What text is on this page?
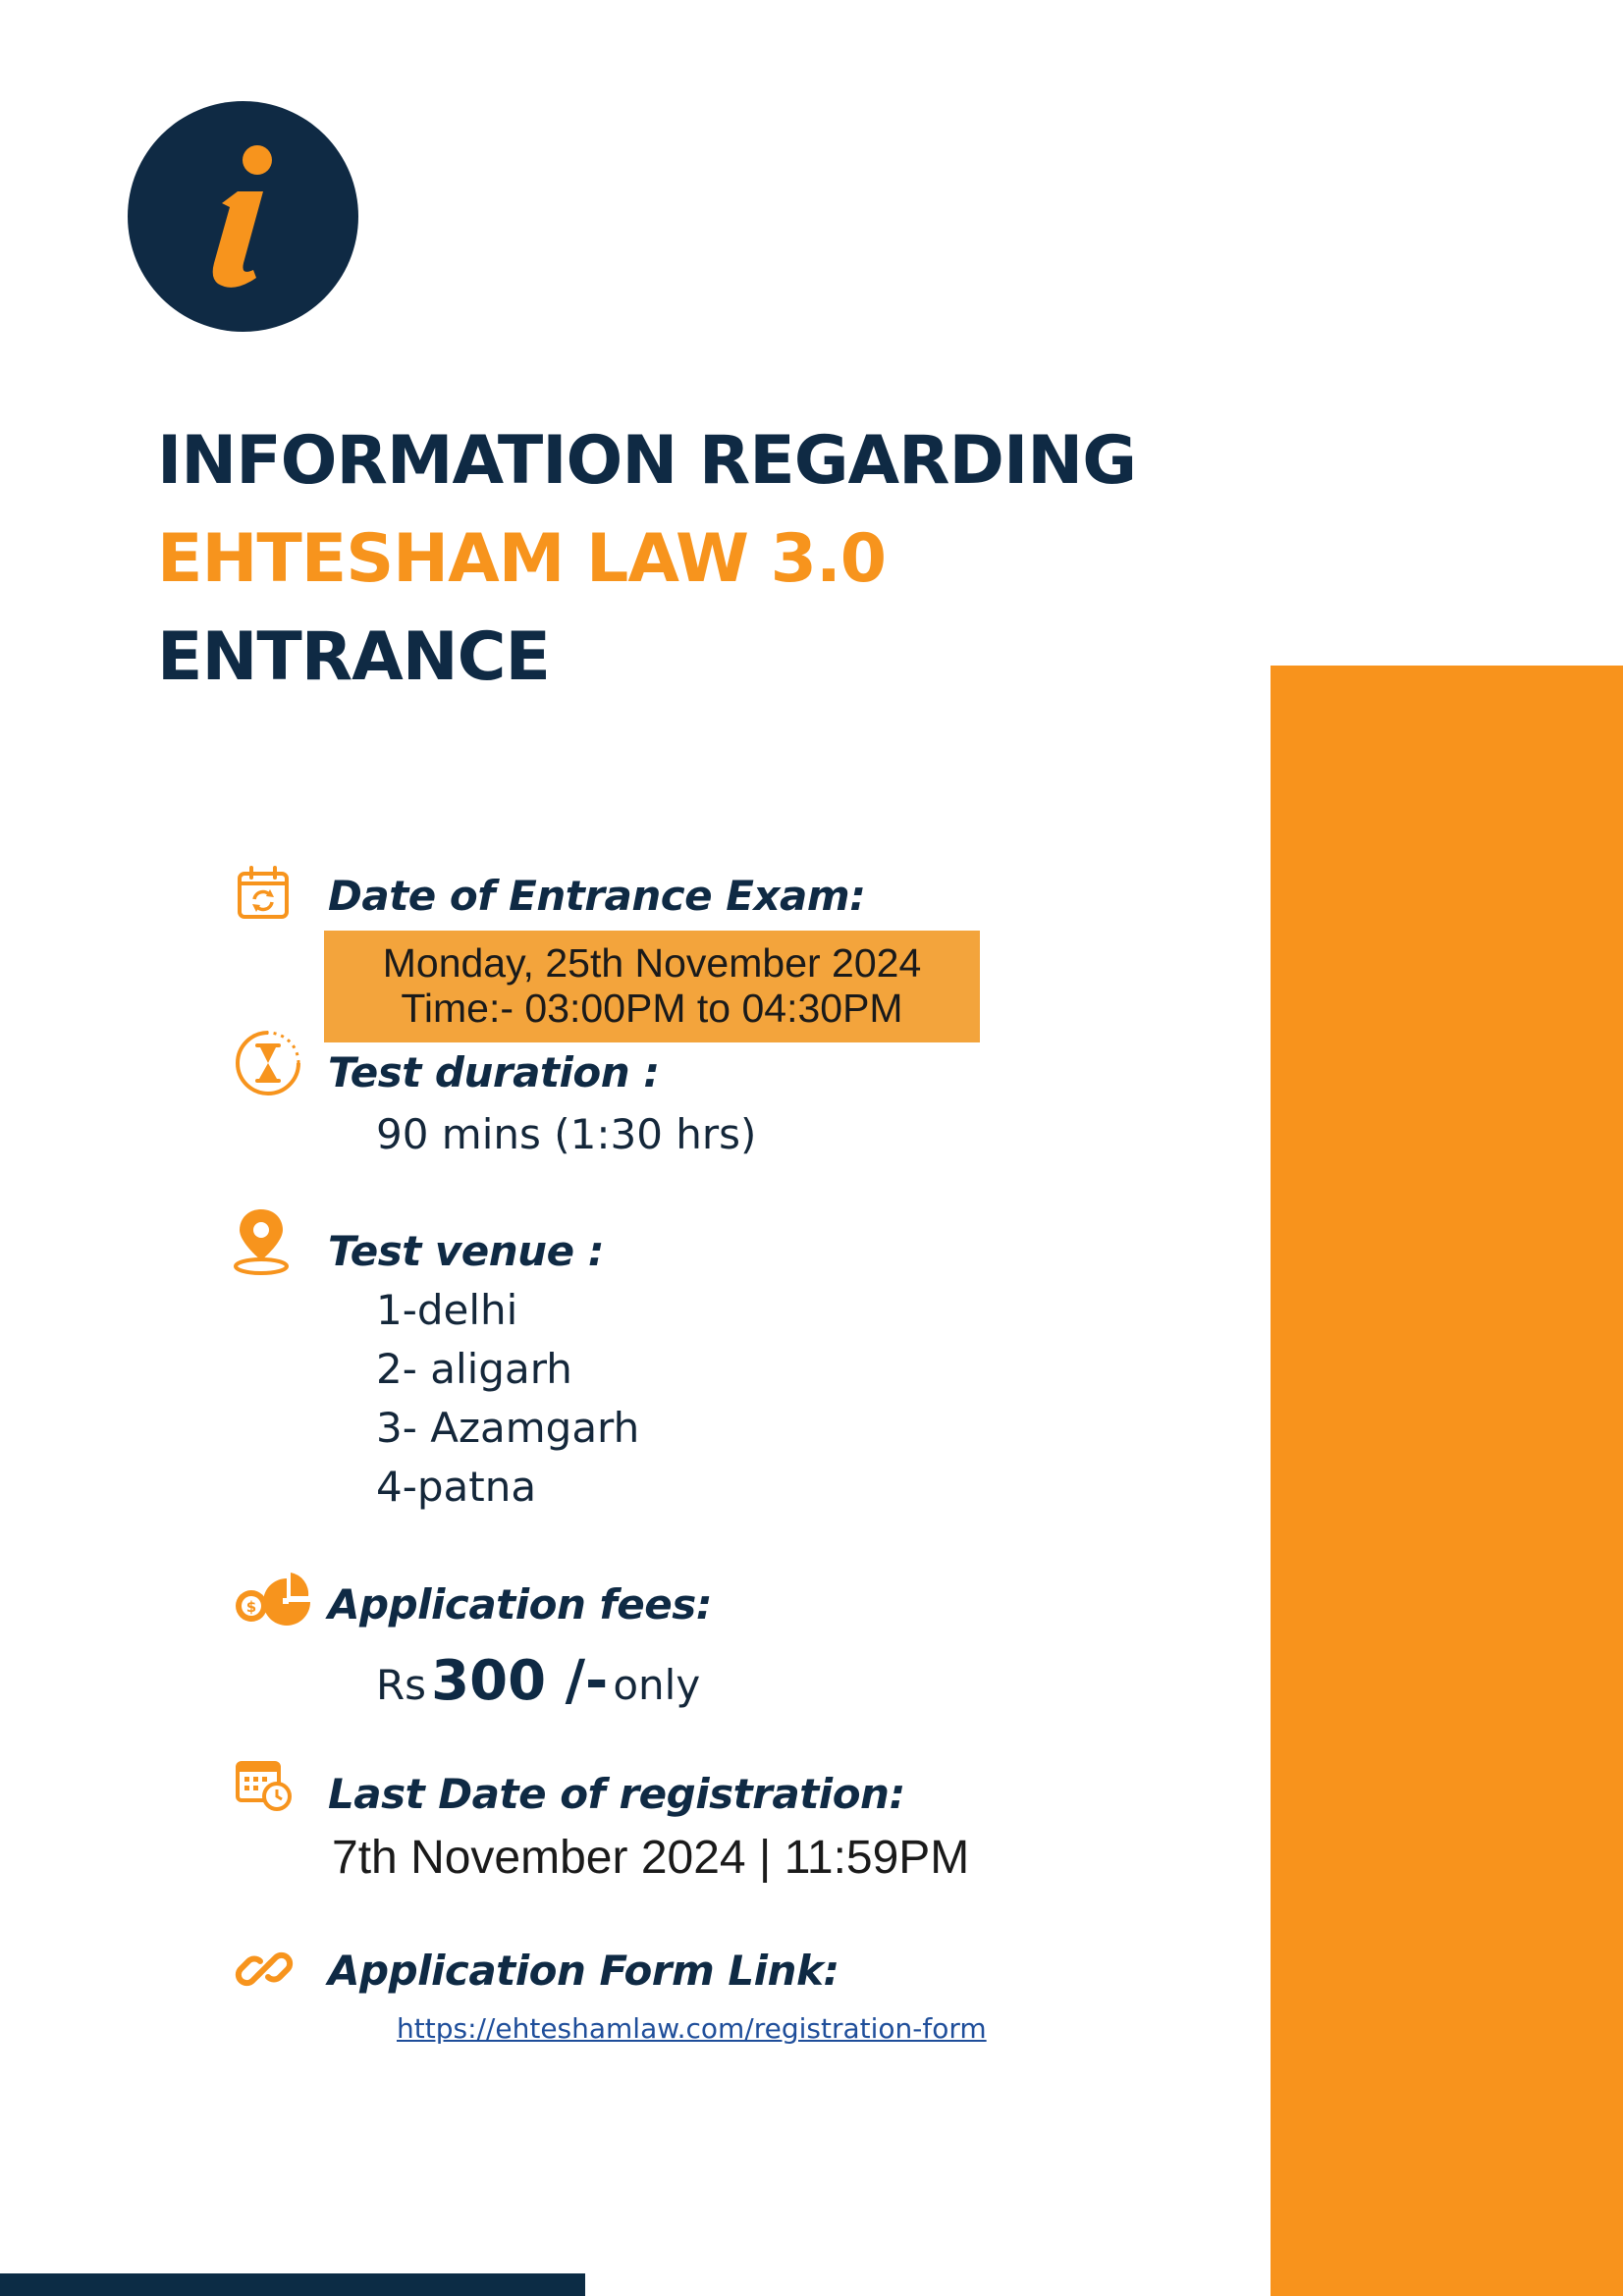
INFORMATION REGARDING
EHTESHAM LAW 3.0
ENTRANCE
Date of Entrance Exam:
Monday, 25th November 2024
Time:- 03:00PM to 04:30PM
Test duration :
90 mins (1:30 hrs)
Test venue :
1-delhi
2- aligarh
3- Azamgarh
4-patna
$ Application fees:
Rs 300 /- only
Last Date of registration:
7th November 2024 | 11:59PM
Application Form Link:
https://ehteshamlaw.com/registration-form
